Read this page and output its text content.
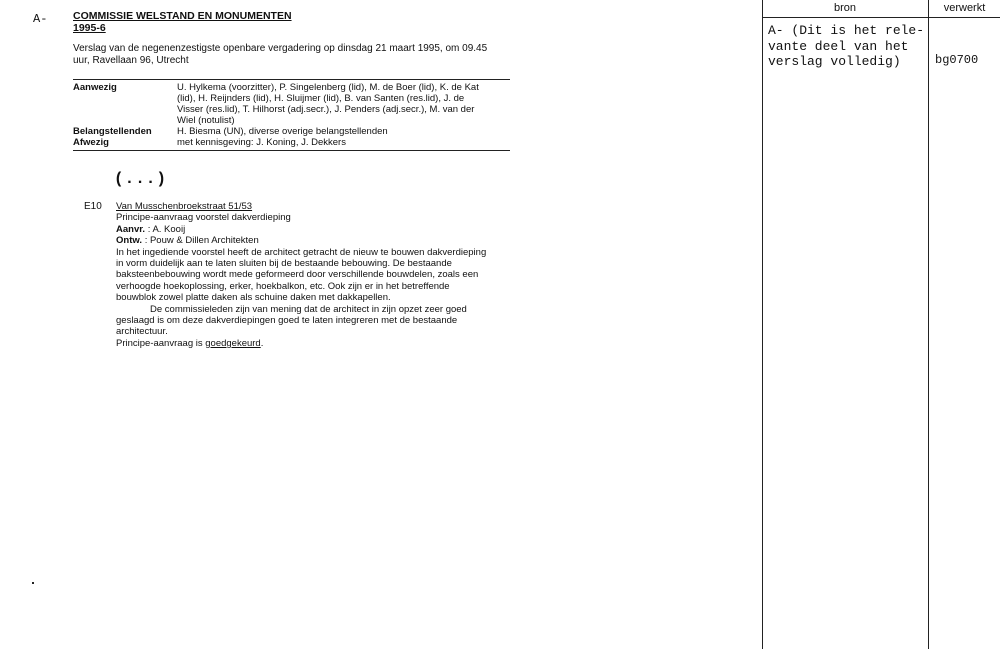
A- COMMISSIE WELSTAND EN MONUMENTEN
1995-6
Verslag van de negenenzestigste openbare vergadering op dinsdag 21 maart 1995, om 09.45
uur, Ravellaan 96, Utrecht
Aanwezig	U. Hylkema (voorzitter), P. Singelenberg (lid), M. de Boer (lid), K. de Kat
(lid), H. Reijnders (lid), H. Sluijmer (lid), B. van Santen (res.lid), J. de
Visser (res.lid), T. Hilhorst (adj.secr.), J. Penders (adj.secr.), M. van der
Wiel (notulist)
Belangstellenden	H. Biesma (UN), diverse overige belangstellenden
Afwezig	met kennisgeving: J. Koning, J. Dekkers
(...)
E10 Van Musschenbroekstraat 51/53
Principe-aanvraag voorstel dakverdieping
Aanvr. : A. Kooij
Ontw. : Pouw & Dillen Architekten
In het ingediende voorstel heeft de architect getracht de nieuw te bouwen dakverdieping
in vorm duidelijk aan te laten sluiten bij de bestaande bebouwing. De bestaande
baksteenbebouwing wordt mede geformeerd door verschillende bouwdelen, zoals een
verhoogde hoekoplossing, erker, hoekbalkon, etc. Ook zijn er in het betreffende
bouwblok zowel platte daken als schuine daken met dakkapellen.
De commissieleden zijn van mening dat de architect in zijn opzet zeer goed
geslaagd is om deze dakverdiepingen goed te laten integreren met de bestaande
architectuur.
Principe-aanvraag is goedgekeurd.
bron	verwerkt
A- (Dit is het rele-
vante deel van het
verslag volledig)	bg0700
